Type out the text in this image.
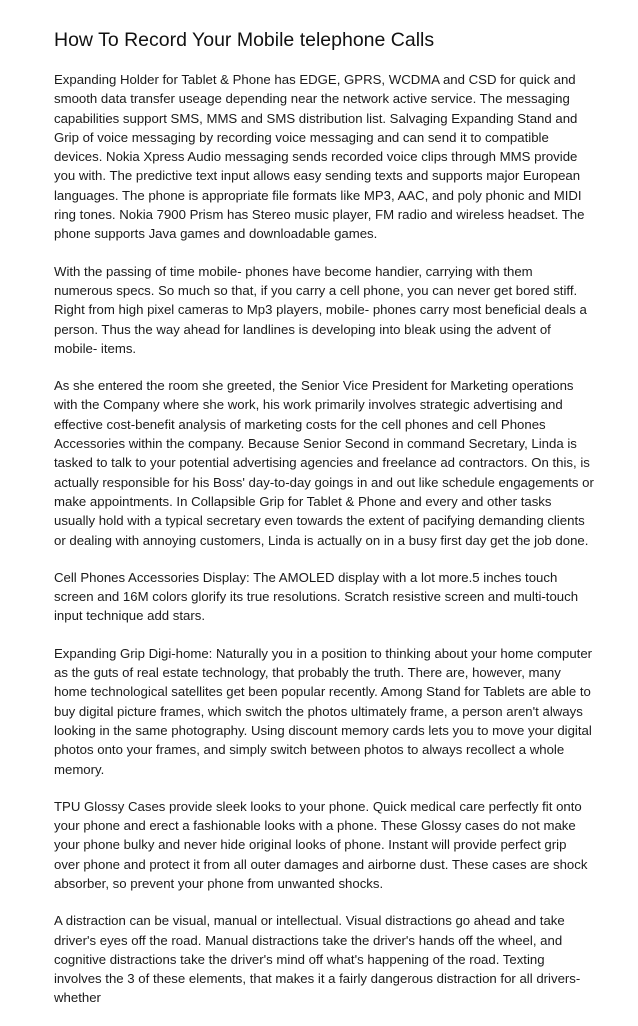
How To Record Your Mobile telephone Calls

Expanding Holder for Tablet & Phone has EDGE, GPRS, WCDMA and CSD for quick and smooth data transfer useage depending near the network active service. The messaging capabilities support SMS, MMS and SMS distribution list. Salvaging Expanding Stand and Grip of voice messaging by recording voice messaging and can send it to compatible devices. Nokia Xpress Audio messaging sends recorded voice clips through MMS provide you with. The predictive text input allows easy sending texts and supports major European languages. The phone is appropriate file formats like MP3, AAC, and poly phonic and MIDI ring tones. Nokia 7900 Prism has Stereo music player, FM radio and wireless headset. The phone supports Java games and downloadable games.

With the passing of time mobile- phones have become handier, carrying with them numerous specs. So much so that, if you carry a cell phone, you can never get bored stiff. Right from high pixel cameras to Mp3 players, mobile- phones carry most beneficial deals a person. Thus the way ahead for landlines is developing into bleak using the advent of mobile- items.

As she entered the room she greeted, the Senior Vice President for Marketing operations with the Company where she work, his work primarily involves strategic advertising and effective cost-benefit analysis of marketing costs for the cell phones and cell Phones Accessories within the company. Because Senior Second in command Secretary, Linda is tasked to talk to your potential advertising agencies and freelance ad contractors. On this, is actually responsible for his Boss' day-to-day goings in and out like schedule engagements or make appointments. In Collapsible Grip for Tablet & Phone and every and other tasks usually hold with a typical secretary even towards the extent of pacifying demanding clients or dealing with annoying customers, Linda is actually on in a busy first day get the job done.

Cell Phones Accessories Display: The AMOLED display with a lot more.5 inches touch screen and 16M colors glorify its true resolutions. Scratch resistive screen and multi-touch input technique add stars.

Expanding Grip Digi-home: Naturally you in a position to thinking about your home computer as the guts of real estate technology, that probably the truth. There are, however, many home technological satellites get been popular recently. Among Stand for Tablets are able to buy digital picture frames, which switch the photos ultimately frame, a person aren't always looking in the same photography. Using discount memory cards lets you to move your digital photos onto your frames, and simply switch between photos to always recollect a whole memory.

TPU Glossy Cases provide sleek looks to your phone. Quick medical care perfectly fit onto your phone and erect a fashionable looks with a phone. These Glossy cases do not make your phone bulky and never hide original looks of phone. Instant will provide perfect grip over phone and protect it from all outer damages and airborne dust. These cases are shock absorber, so prevent your phone from unwanted shocks.

A distraction can be visual, manual or intellectual. Visual distractions go ahead and take driver's eyes off the road. Manual distractions take the driver's hands off the wheel, and cognitive distractions take the driver's mind off what's happening of the road. Texting involves the 3 of these elements, that makes it a fairly dangerous distraction for all drivers-whether
